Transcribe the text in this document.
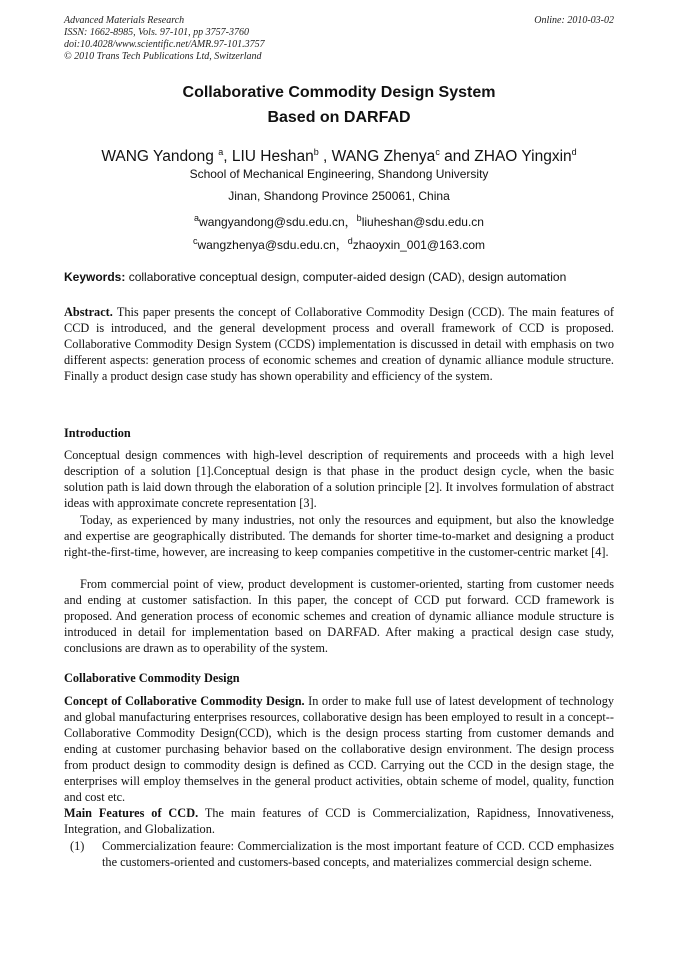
Advanced Materials Research
ISSN: 1662-8985, Vols. 97-101, pp 3757-3760
doi:10.4028/www.scientific.net/AMR.97-101.3757
© 2010 Trans Tech Publications Ltd, Switzerland
Online: 2010-03-02
Collaborative Commodity Design System
Based on DARFAD
WANG Yandong $^a$, LIU Heshan$^b$ , WANG Zhenya$^c$ and ZHAO Yingxin$^d$
School of Mechanical Engineering, Shandong University
Jinan, Shandong Province 250061, China
$^a$wangyandong@sdu.edu.cn，$^b$liuheshan@sdu.edu.cn
$^c$wangzhenya@sdu.edu.cn，$^d$zhaoyxin_001@163.com
Keywords: collaborative conceptual design, computer-aided design (CAD), design automation
Abstract. This paper presents the concept of Collaborative Commodity Design (CCD). The main features of CCD is introduced, and the general development process and overall framework of CCD is proposed. Collaborative Commodity Design System (CCDS) implementation is discussed in detail with emphasis on two different aspects: generation process of economic schemes and creation of dynamic alliance module structure. Finally a product design case study has shown operability and efficiency of the system.
Introduction
Conceptual design commences with high-level description of requirements and proceeds with a high level description of a solution [1].Conceptual design is that phase in the product design cycle, when the basic solution path is laid down through the elaboration of a solution principle [2]. It involves formulation of abstract ideas with approximate concrete representation [3].
Today, as experienced by many industries, not only the resources and equipment, but also the knowledge and expertise are geographically distributed. The demands for shorter time-to-market and designing a product right-the-first-time, however, are increasing to keep companies competitive in the customer-centric market [4].
From commercial point of view, product development is customer-oriented, starting from customer needs and ending at customer satisfaction. In this paper, the concept of CCD put forward. CCD framework is proposed. And generation process of economic schemes and creation of dynamic alliance module structure is introduced in detail for implementation based on DARFAD. After making a practical design case study, conclusions are drawn as to operability of the system.
Collaborative Commodity Design
Concept of Collaborative Commodity Design. In order to make full use of latest development of technology and global manufacturing enterprises resources, collaborative design has been employed to result in a concept--Collaborative Commodity Design(CCD), which is the design process starting from customer demands and ending at customer purchasing behavior based on the collaborative design environment. The design process from product design to commodity design is defined as CCD. Carrying out the CCD in the design stage, the enterprises will employ themselves in the general product activities, obtain scheme of model, quality, function and cost etc.
Main Features of CCD. The main features of CCD is Commercialization, Rapidness, Innovativeness, Integration, and Globalization.
(1) Commercialization feaure: Commercialization is the most important feature of CCD. CCD emphasizes the customers-oriented and customers-based concepts, and materializes commercial design scheme.
